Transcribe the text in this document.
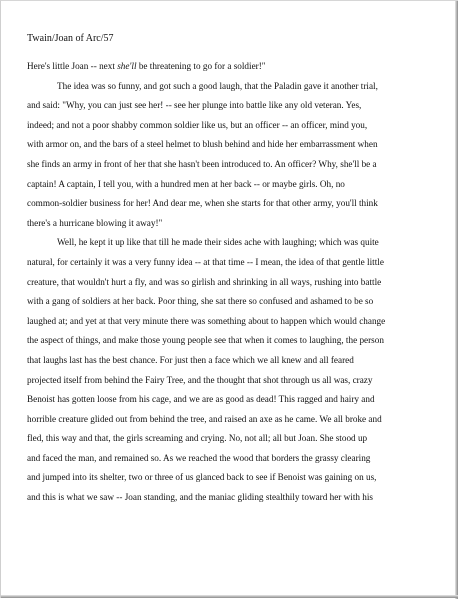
Twain/Joan of Arc/57
Here's little Joan -- next she'll be threatening to go for a soldier!"
The idea was so funny, and got such a good laugh, that the Paladin gave it another trial,
and said: "Why, you can just see her! -- see her plunge into battle like any old veteran. Yes,
indeed; and not a poor shabby common soldier like us, but an officer -- an officer, mind you,
with armor on, and the bars of a steel helmet to blush behind and hide her embarrassment when
she finds an army in front of her that she hasn't been introduced to. An officer? Why, she'll be a
captain! A captain, I tell you, with a hundred men at her back -- or maybe girls. Oh, no
common-soldier business for her! And dear me, when she starts for that other army, you'll think
there's a hurricane blowing it away!"
Well, he kept it up like that till he made their sides ache with laughing; which was quite
natural, for certainly it was a very funny idea -- at that time -- I mean, the idea of that gentle little
creature, that wouldn't hurt a fly, and was so girlish and shrinking in all ways, rushing into battle
with a gang of soldiers at her back. Poor thing, she sat there so confused and ashamed to be so
laughed at; and yet at that very minute there was something about to happen which would change
the aspect of things, and make those young people see that when it comes to laughing, the person
that laughs last has the best chance. For just then a face which we all knew and all feared
projected itself from behind the Fairy Tree, and the thought that shot through us all was, crazy
Benoist has gotten loose from his cage, and we are as good as dead! This ragged and hairy and
horrible creature glided out from behind the tree, and raised an axe as he came. We all broke and
fled, this way and that, the girls screaming and crying. No, not all; all but Joan. She stood up
and faced the man, and remained so. As we reached the wood that borders the grassy clearing
and jumped into its shelter, two or three of us glanced back to see if Benoist was gaining on us,
and this is what we saw -- Joan standing, and the maniac gliding stealthily toward her with his
